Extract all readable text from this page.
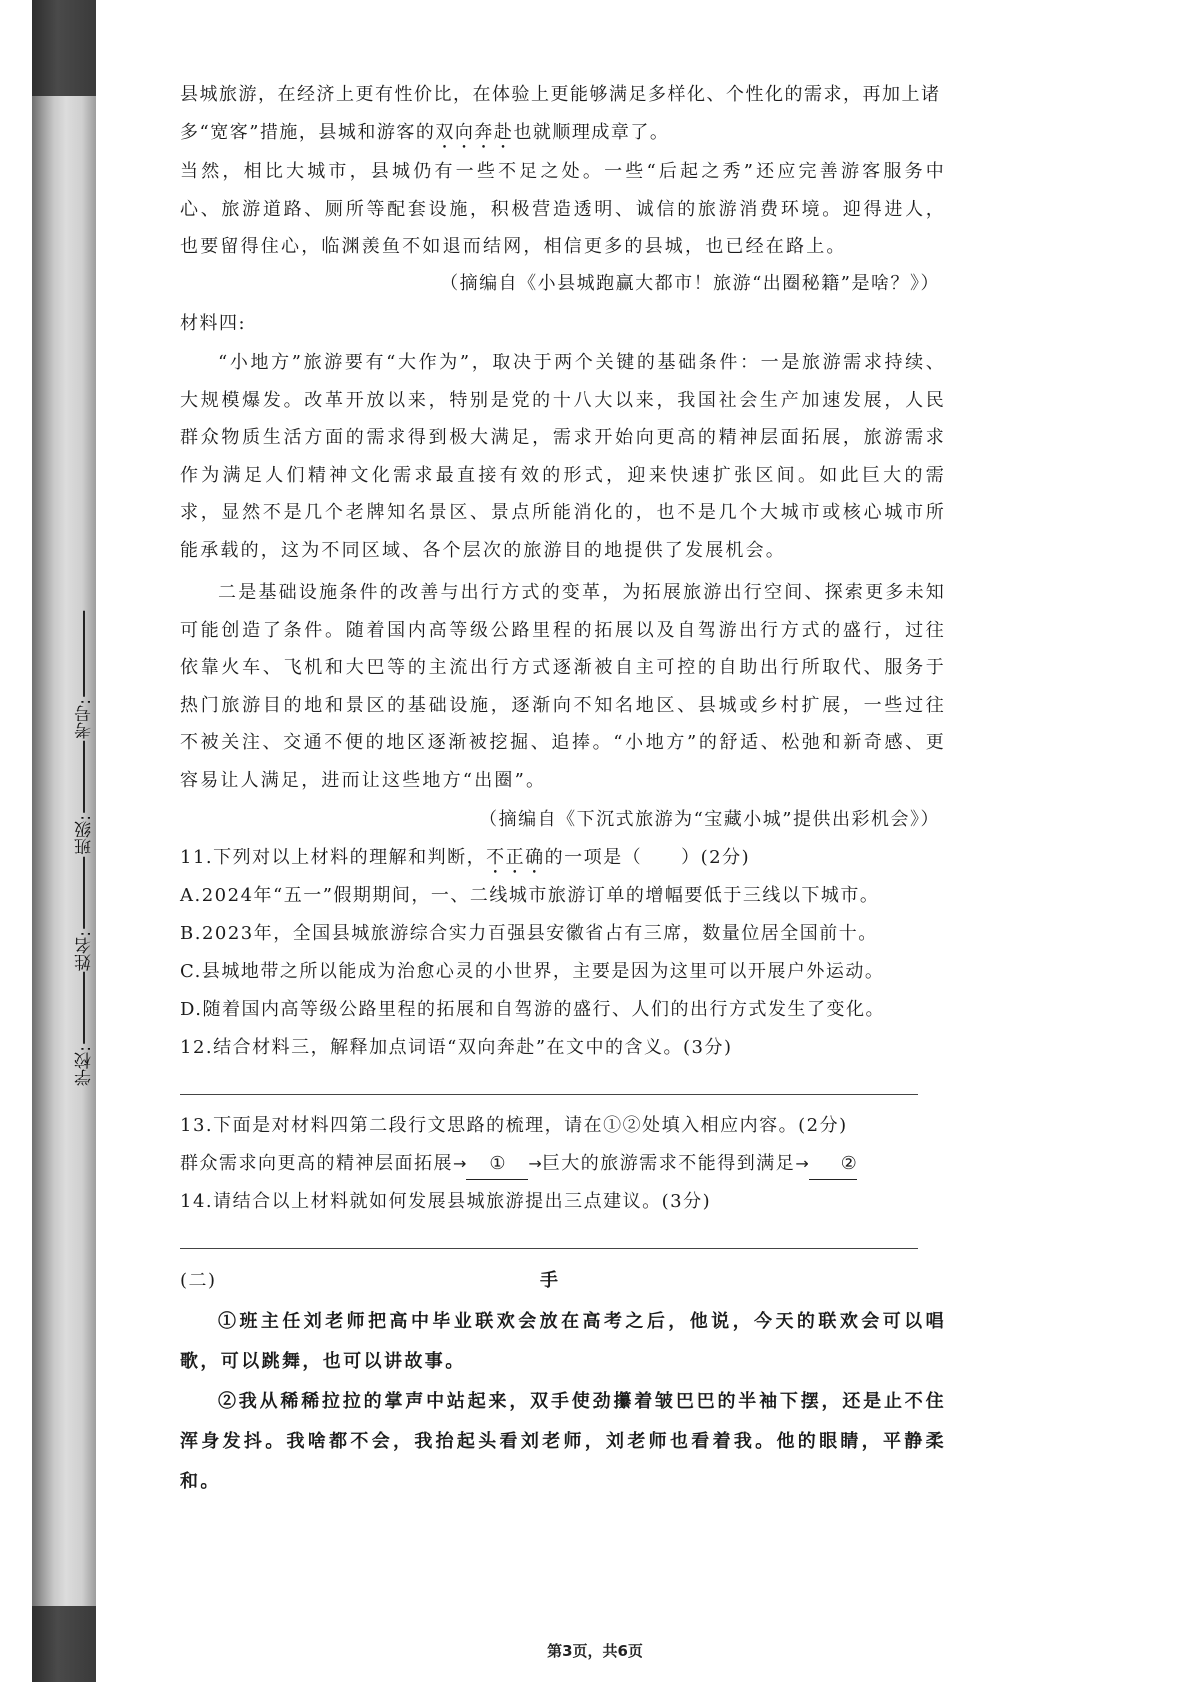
学校:
姓名:
班级:
考号:
县城旅游，在经济上更有性价比，在体验上更能够满足多样化、个性化的需求，再加上诸
多“宽客”措施，县城和游客的双向奔赴也就顺理成章了。
当然，相比大城市，县城仍有一些不足之处。一些“后起之秀”还应完善游客服务中心、旅游道路、厕所等配套设施，积极营造透明、诚信的旅游消费环境。迎得进人，也要留得住心，临渊羡鱼不如退而结网，相信更多的县城，也已经在路上。
（摘编自《小县城跑赢大都市！旅游“出圈秘籍”是啥？》）
材料四:
“小地方”旅游要有“大作为”，取决于两个关键的基础条件：一是旅游需求持续、大规模爆发。改革开放以来，特别是党的十八大以来，我国社会生产加速发展，人民群众物质生活方面的需求得到极大满足，需求开始向更高的精神层面拓展，旅游需求作为满足人们精神文化需求最直接有效的形式，迎来快速扩张区间。如此巨大的需求，显然不是几个老牌知名景区、景点所能消化的，也不是几个大城市或核心城市所能承载的，这为不同区域、各个层次的旅游目的地提供了发展机会。
二是基础设施条件的改善与出行方式的变革，为拓展旅游出行空间、探索更多未知可能创造了条件。随着国内高等级公路里程的拓展以及自驾游出行方式的盛行，过往依靠火车、飞机和大巴等的主流出行方式逐渐被自主可控的自助出行所取代、服务于热门旅游目的地和景区的基础设施，逐渐向不知名地区、县城或乡村扩展，一些过往不被关注、交通不便的地区逐渐被挖掘、追捧。“小地方”的舒适、松弛和新奇感、更容易让人满足，进而让这些地方“出圈”。
（摘编自《下沉式旅游为“宝藏小城”提供出彩机会》）
11.下列对以上材料的理解和判断，不正确的一项是（　　）(2分)
A.2024年“五一”假期期间，一、二线城市旅游订单的增幅要低于三线以下城市。
B.2023年，全国县城旅游综合实力百强县安徽省占有三席，数量位居全国前十。
C.县城地带之所以能成为治愈心灵的小世界，主要是因为这里可以开展户外运动。
D.随着国内高等级公路里程的拓展和自驾游的盛行、人们的出行方式发生了变化。
12.结合材料三，解释加点词语“双向奔赴”在文中的含义。(3分)
13.下面是对材料四第二段行文思路的梳理，请在①②处填入相应内容。(2分)
群众需求向更高的精神层面拓展→ ① →巨大的旅游需求不能得到满足→ ②
14.请结合以上材料就如何发展县城旅游提出三点建议。(3分)
(二)	手
①班主任刘老师把高中毕业联欢会放在高考之后，他说，今天的联欢会可以唱歌，可以跳舞，也可以讲故事。
②我从稀稀拉拉的掌声中站起来，双手使劲攥着皱巴巴的半袖下摆，还是止不住浑身发抖。我啥都不会，我抬起头看刘老师，刘老师也看着我。他的眼睛，平静柔和。
第3页，共6页
